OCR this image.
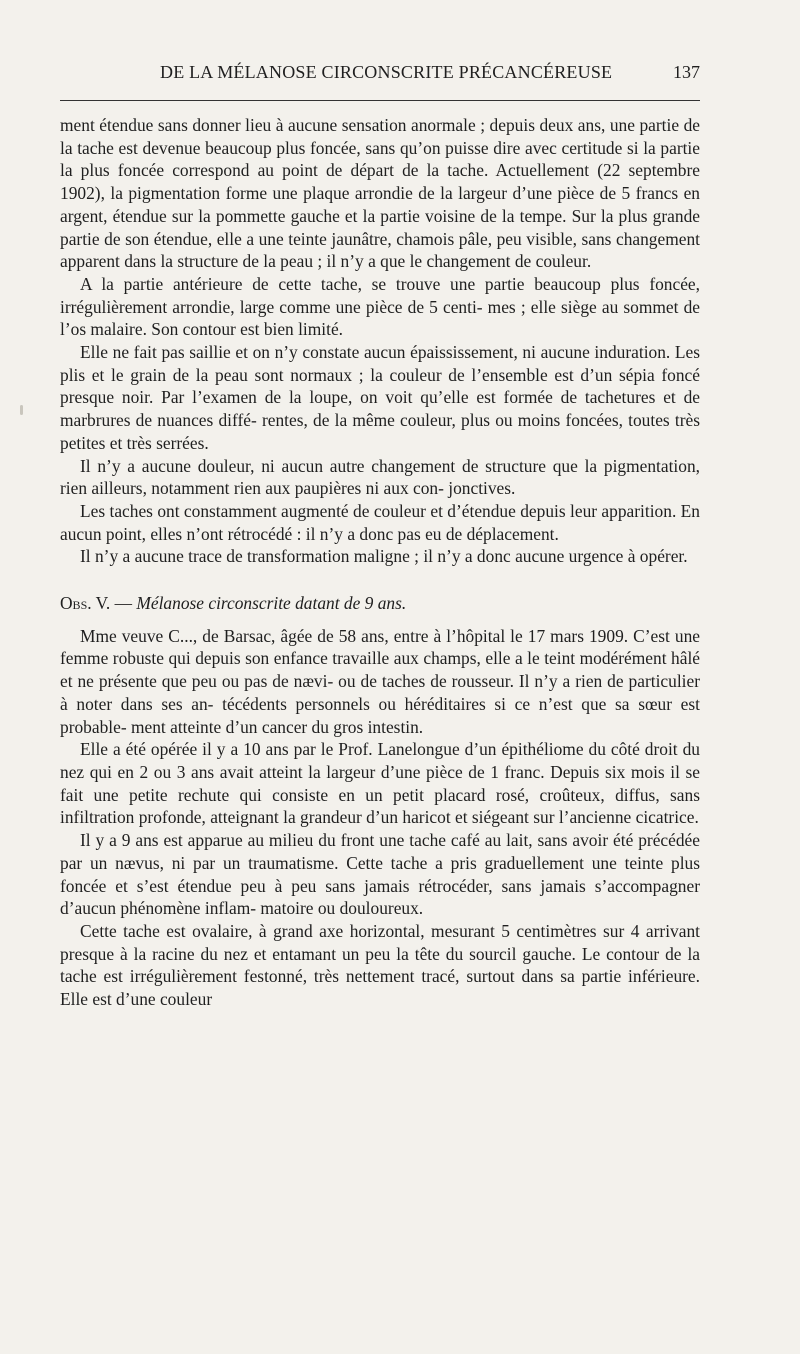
DE LA MÉLANOSE CIRCONSCRITE PRÉCANCÉREUSE	137

ment étendue sans donner lieu à aucune sensation anormale ; depuis deux ans, une partie de la tache est devenue beaucoup plus foncée, sans qu’on puisse dire avec certitude si la partie la plus foncée correspond au point de départ de la tache. Actuellement (22 septembre 1902), la pigmentation forme une plaque arrondie de la largeur d’une pièce de 5 francs en argent, étendue sur la pommette gauche et la partie voisine de la tempe. Sur la plus grande partie de son étendue, elle a une teinte jaunâtre, chamois pâle, peu visible, sans changement apparent dans la structure de la peau ; il n’y a que le changement de couleur.

A la partie antérieure de cette tache, se trouve une partie beaucoup plus foncée, irrégulièrement arrondie, large comme une pièce de 5 centi- mes ; elle siège au sommet de l’os malaire. Son contour est bien limité.

Elle ne fait pas saillie et on n’y constate aucun épaississement, ni aucune induration. Les plis et le grain de la peau sont normaux ; la couleur de l’ensemble est d’un sépia foncé presque noir. Par l’examen de la loupe, on voit qu’elle est formée de tachetures et de marbrures de nuances diffé- rentes, de la même couleur, plus ou moins foncées, toutes très petites et très serrées.

Il n’y a aucune douleur, ni aucun autre changement de structure que la pigmentation, rien ailleurs, notamment rien aux paupières ni aux con- jonctives.

Les taches ont constamment augmenté de couleur et d’étendue depuis leur apparition. En aucun point, elles n’ont rétrocédé : il n’y a donc pas eu de déplacement.

Il n’y a aucune trace de transformation maligne ; il n’y a donc aucune urgence à opérer.

Obs. V. — Mélanose circonscrite datant de 9 ans.

Mme veuve C..., de Barsac, âgée de 58 ans, entre à l’hôpital le 17 mars 1909. C’est une femme robuste qui depuis son enfance travaille aux champs, elle a le teint modérément hâlé et ne présente que peu ou pas de nævi- ou de taches de rousseur. Il n’y a rien de particulier à noter dans ses an- técédents personnels ou héréditaires si ce n’est que sa sœur est probable- ment atteinte d’un cancer du gros intestin.

Elle a été opérée il y a 10 ans par le Prof. Lanelongue d’un épithéliome du côté droit du nez qui en 2 ou 3 ans avait atteint la largeur d’une pièce de 1 franc. Depuis six mois il se fait une petite rechute qui consiste en un petit placard rosé, croûteux, diffus, sans infiltration profonde, atteignant la grandeur d’un haricot et siégeant sur l’ancienne cicatrice.

Il y a 9 ans est apparue au milieu du front une tache café au lait, sans avoir été précédée par un nævus, ni par un traumatisme. Cette tache a pris graduellement une teinte plus foncée et s’est étendue peu à peu sans jamais rétrocéder, sans jamais s’accompagner d’aucun phénomène inflam- matoire ou douloureux.

Cette tache est ovalaire, à grand axe horizontal, mesurant 5 centimètres sur 4 arrivant presque à la racine du nez et entamant un peu la tête du sourcil gauche. Le contour de la tache est irrégulièrement festonné, très nettement tracé, surtout dans sa partie inférieure. Elle est d’une couleur
